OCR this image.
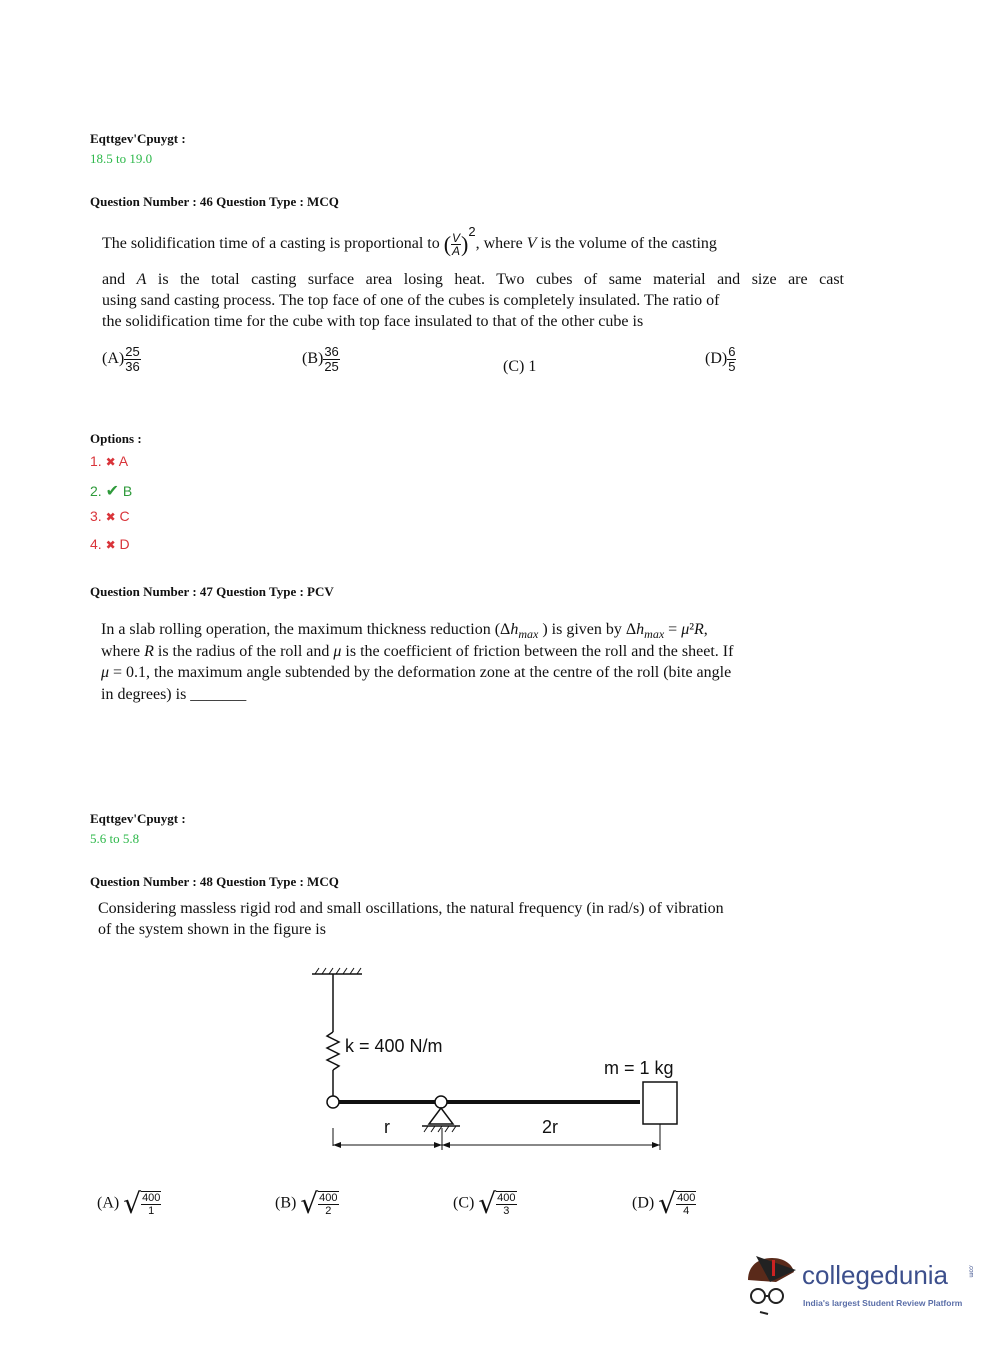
Eqttgev'Cpuygt :
18.5 to 19.0
Question Number : 46 Question Type : MCQ
The solidification time of a casting is proportional to ( $\frac{V}{A} )^2$, where V is the volume of the casting
and A is the total casting surface area losing heat. Two cubes of same material and size are cast
using sand casting process. The top face of one of the cubes is completely insulated. The ratio of
the solidification time for the cube with top face insulated to that of the other cube is
$(A) \frac{25}{36}$	$(B) \frac{36}{25}$	(C) 1	$(D) \frac{6}{5}$
Options :
1. ✖ A
2. ✔ B
3. ✖ C
4. ✖ D
Question Number : 47 Question Type : PCV
In a slab rolling operation, the maximum thickness reduction ($\Delta h_{max}$ ) is given by $\Delta h_{max} = \mu^2R$,
where R is the radius of the roll and μ is the coefficient of friction between the roll and the sheet. If
μ = 0.1, the maximum angle subtended by the deformation zone at the centre of the roll (bite angle
in degrees) is _______
Eqttgev'Cpuygt :
5.6 to 5.8
Question Number : 48 Question Type : MCQ
Considering massless rigid rod and small oscillations, the natural frequency (in rad/s) of vibration
of the system shown in the figure is
k = 400 N/m
m = 1 kg
r	2r
(A) √ $\frac{400}{1}$	(B) √ $\frac{400}{2}$	(C) √ $\frac{400}{3}$	(D) √ $\frac{400}{4}$
collegedunia	.com
India's largest Student Review Platform
